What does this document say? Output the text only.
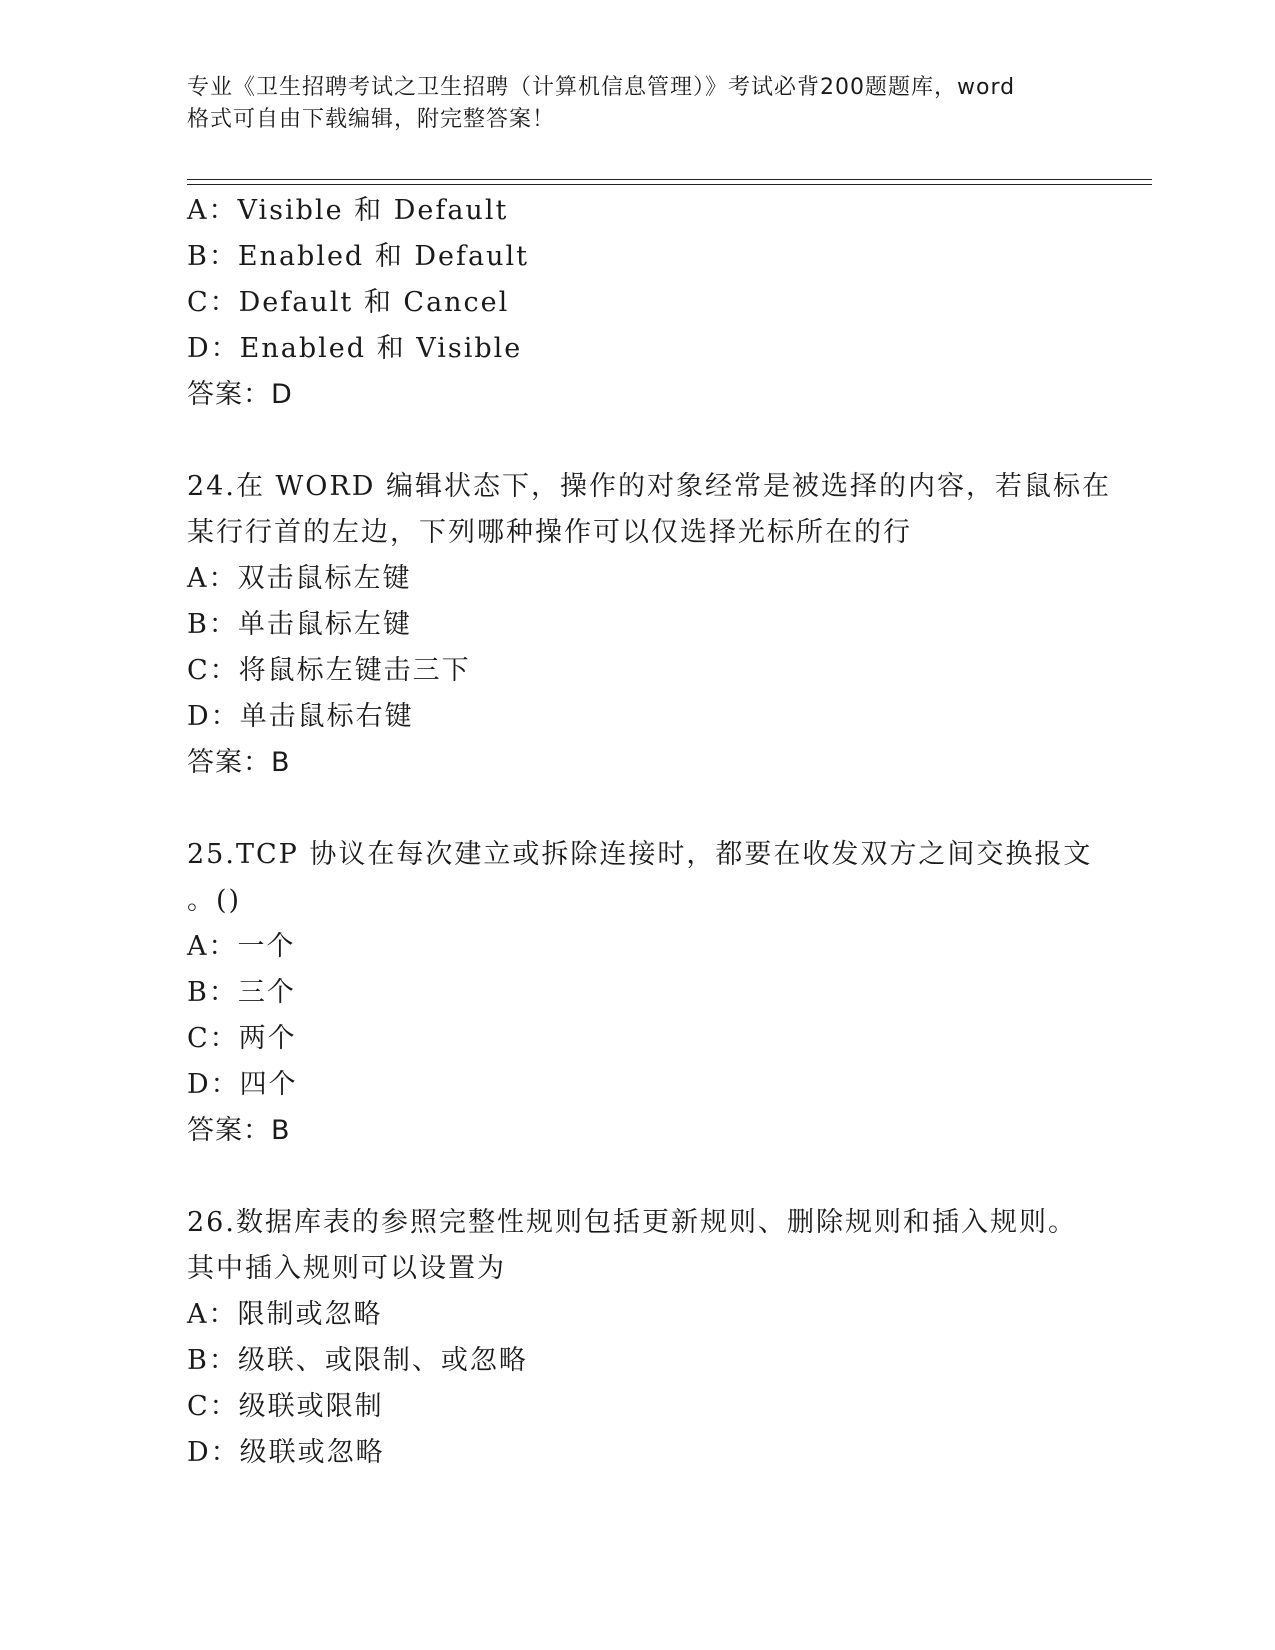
专业《卫生招聘考试之卫生招聘（计算机信息管理）》考试必背200题题库，word
格式可自由下载编辑，附完整答案！
A：Visible 和 Default
B：Enabled 和 Default
C：Default 和 Cancel
D：Enabled 和 Visible
答案：D
24.在 WORD 编辑状态下，操作的对象经常是被选择的内容，若鼠标在
某行行首的左边，下列哪种操作可以仅选择光标所在的行
A：双击鼠标左键
B：单击鼠标左键
C：将鼠标左键击三下
D：单击鼠标右键
答案：B
25.TCP 协议在每次建立或拆除连接时，都要在收发双方之间交换报文
。()
A：一个
B：三个
C：两个
D：四个
答案：B
26.数据库表的参照完整性规则包括更新规则、删除规则和插入规则。
其中插入规则可以设置为
A：限制或忽略
B：级联、或限制、或忽略
C：级联或限制
D：级联或忽略
